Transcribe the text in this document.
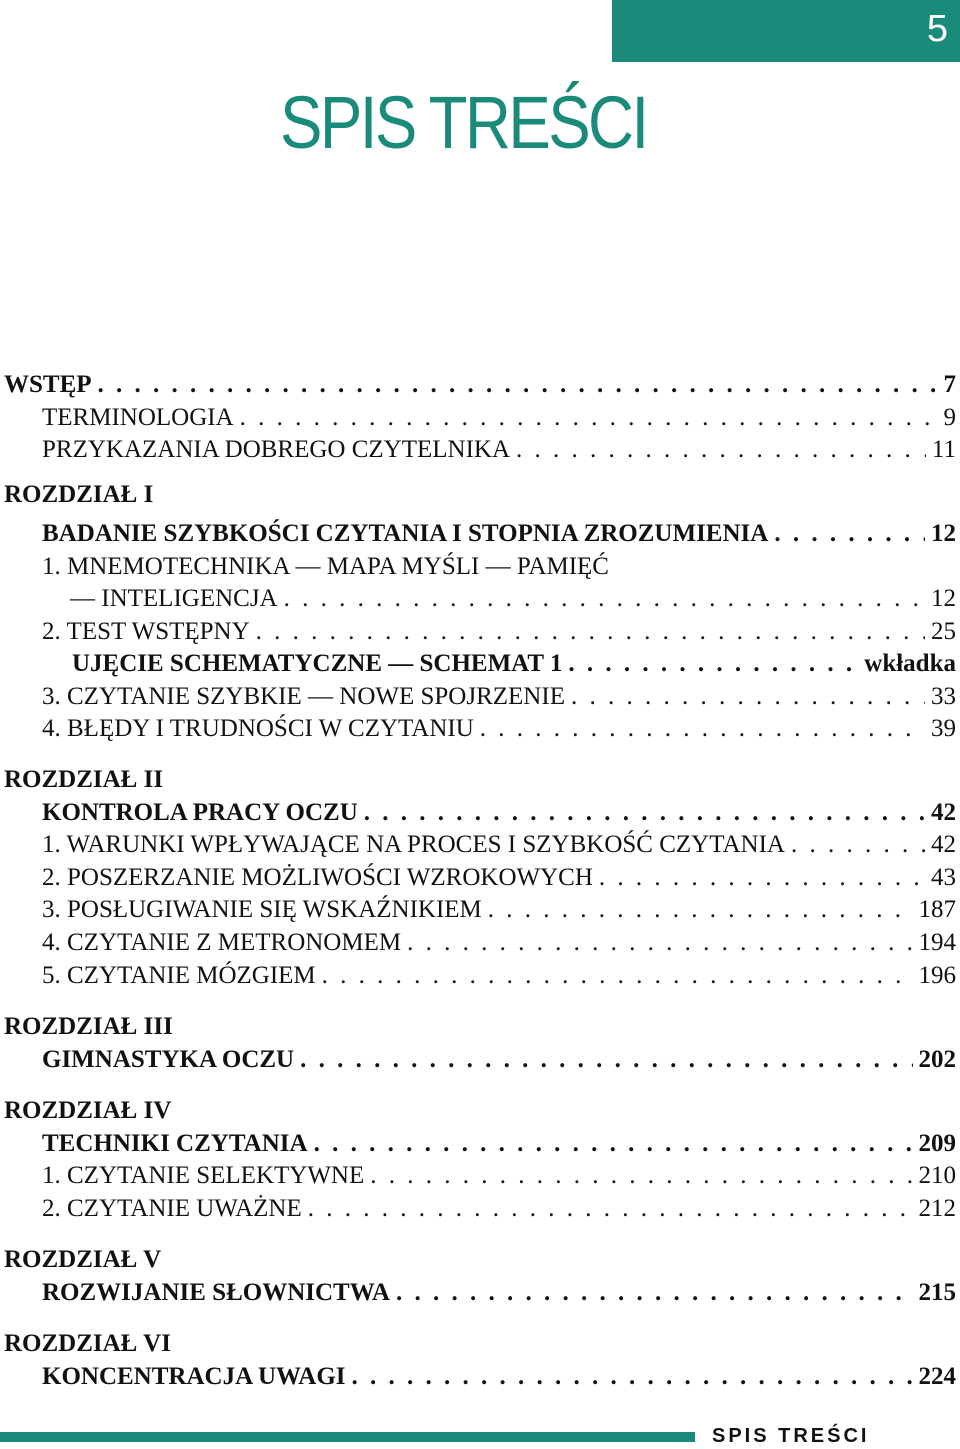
5
SPIS TREŚCI
WSTĘP . . .	7
TERMINOLOGIA . . .	9
PRZYKAZANIA DOBREGO CZYTELNIKA . . .	11
ROZDZIAŁ I
BADANIE SZYBKOŚCI CZYTANIA I STOPNIA ZROZUMIENIA . . .	12
1. MNEMOTECHNIKA — MAPA MYŚLI — PAMIĘĆ
— INTELIGENCJA . . .	12
2. TEST WSTĘPNY . . .	25
UJĘCIE SCHEMATYCZNE — SCHEMAT 1 . . .	wkładka
3. CZYTANIE SZYBKIE — NOWE SPOJRZENIE . . .	33
4. BŁĘDY I TRUDNOŚCI W CZYTANIU . . .	39
ROZDZIAŁ II
KONTROLA PRACY OCZU . . .	42
1. WARUNKI WPŁYWAJĄCE NA PROCES I SZYBKOŚĆ CZYTANIA . . .	42
2. POSZERZANIE MOŻLIWOŚCI WZROKOWYCH . . .	43
3. POSŁUGIWANIE SIĘ WSKAŹNIKIEM . . .	187
4. CZYTANIE Z METRONOMEM . . .	194
5. CZYTANIE MÓZGIEM . . .	196
ROZDZIAŁ III
GIMNASTYKA OCZU . . .	202
ROZDZIAŁ IV
TECHNIKI CZYTANIA . . .	209
1. CZYTANIE SELEKTYWNE . . .	210
2. CZYTANIE UWAŻNE . . .	212
ROZDZIAŁ V
ROZWIJANIE SŁOWNICTWA . . .	215
ROZDZIAŁ VI
KONCENTRACJA UWAGI . . .	224
SPIS TREŚCI
